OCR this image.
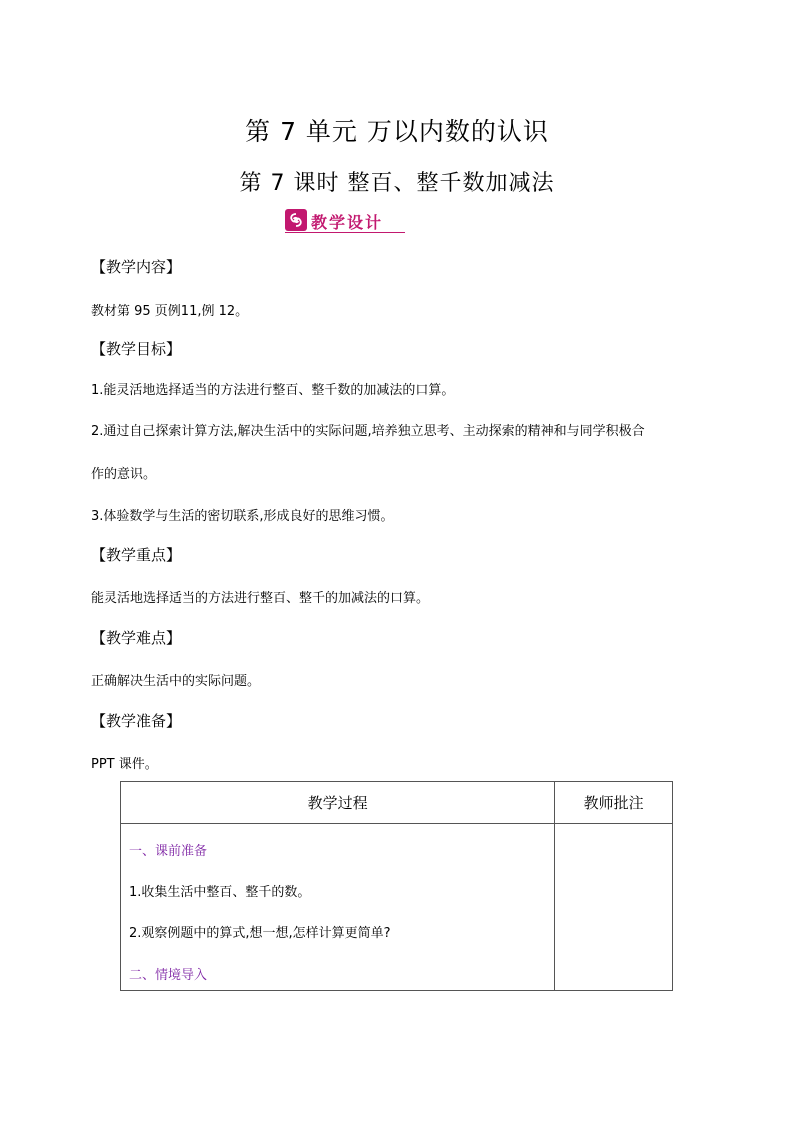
第 7 单元 万以内数的认识
第 7 课时 整百、整千数加减法
教学设计
【教学内容】
教材第 95 页例11,例 12。
【教学目标】
1.能灵活地选择适当的方法进行整百、整千数的加减法的口算。
2.通过自己探索计算方法,解决生活中的实际问题,培养独立思考、主动探索的精神和与同学积极合
作的意识。
3.体验数学与生活的密切联系,形成良好的思维习惯。
【教学重点】
能灵活地选择适当的方法进行整百、整千的加减法的口算。
【教学难点】
正确解决生活中的实际问题。
【教学准备】
PPT 课件。
教学过程	教师批注

一、课前准备
1.收集生活中整百、整千的数。
2.观察例题中的算式,想一想,怎样计算更简单?
二、情境导入	
